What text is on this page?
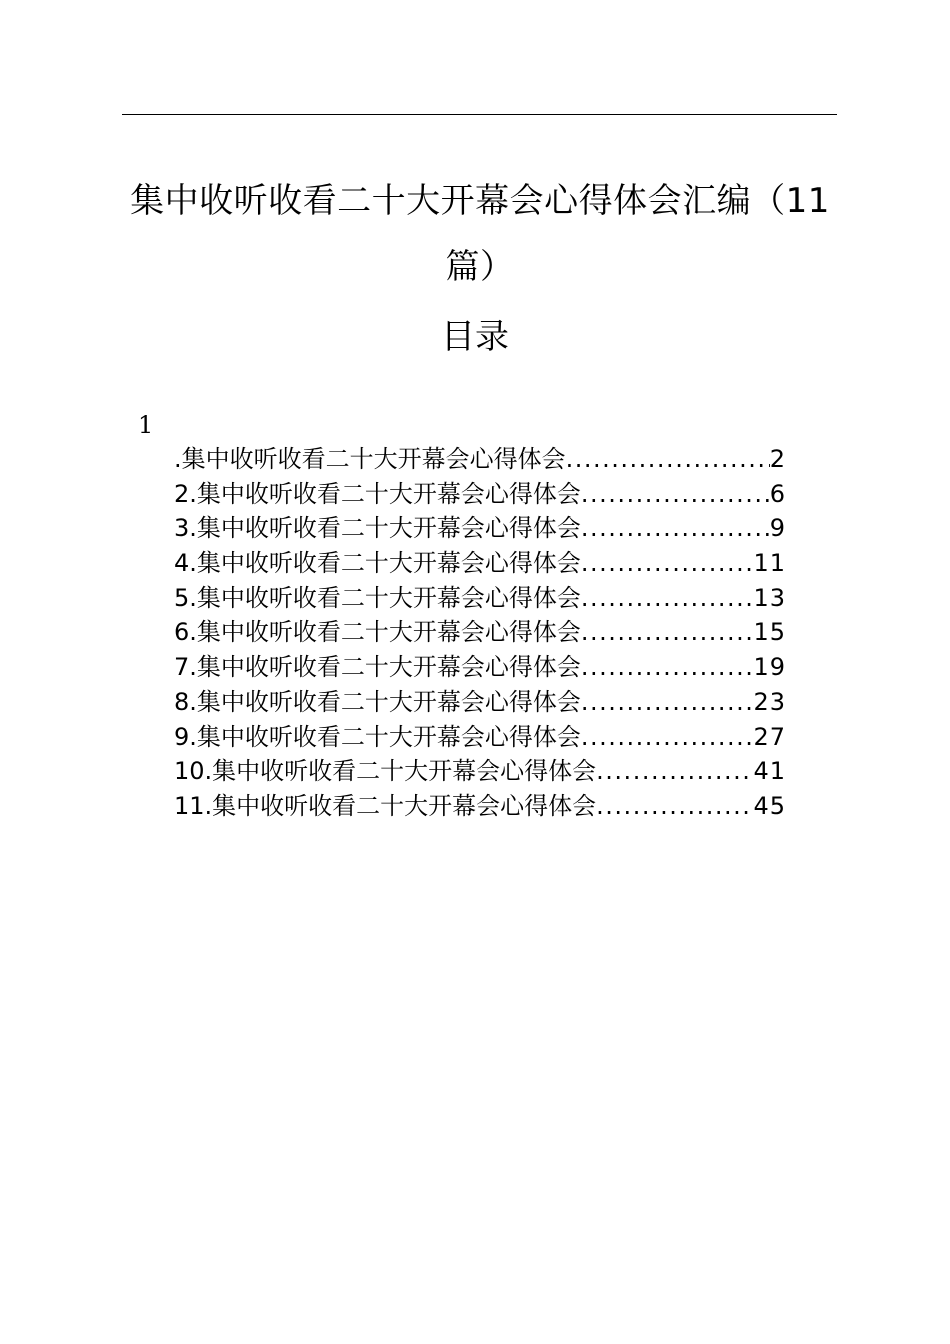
集中收听收看二十大开幕会心得体会汇编（11篇）
目录
1
.集中收听收看二十大开幕会心得体会 .....	2
2.集中收听收看二十大开幕会心得体会 .....	6
3.集中收听收看二十大开幕会心得体会 .....	9
4.集中收听收看二十大开幕会心得体会 .....	11
5.集中收听收看二十大开幕会心得体会 .....	13
6.集中收听收看二十大开幕会心得体会 .....	15
7.集中收听收看二十大开幕会心得体会 .....	19
8.集中收听收看二十大开幕会心得体会 .....	23
9.集中收听收看二十大开幕会心得体会 .....	27
10.集中收听收看二十大开幕会心得体会 .....	41
11.集中收听收看二十大开幕会心得体会 .....	45
